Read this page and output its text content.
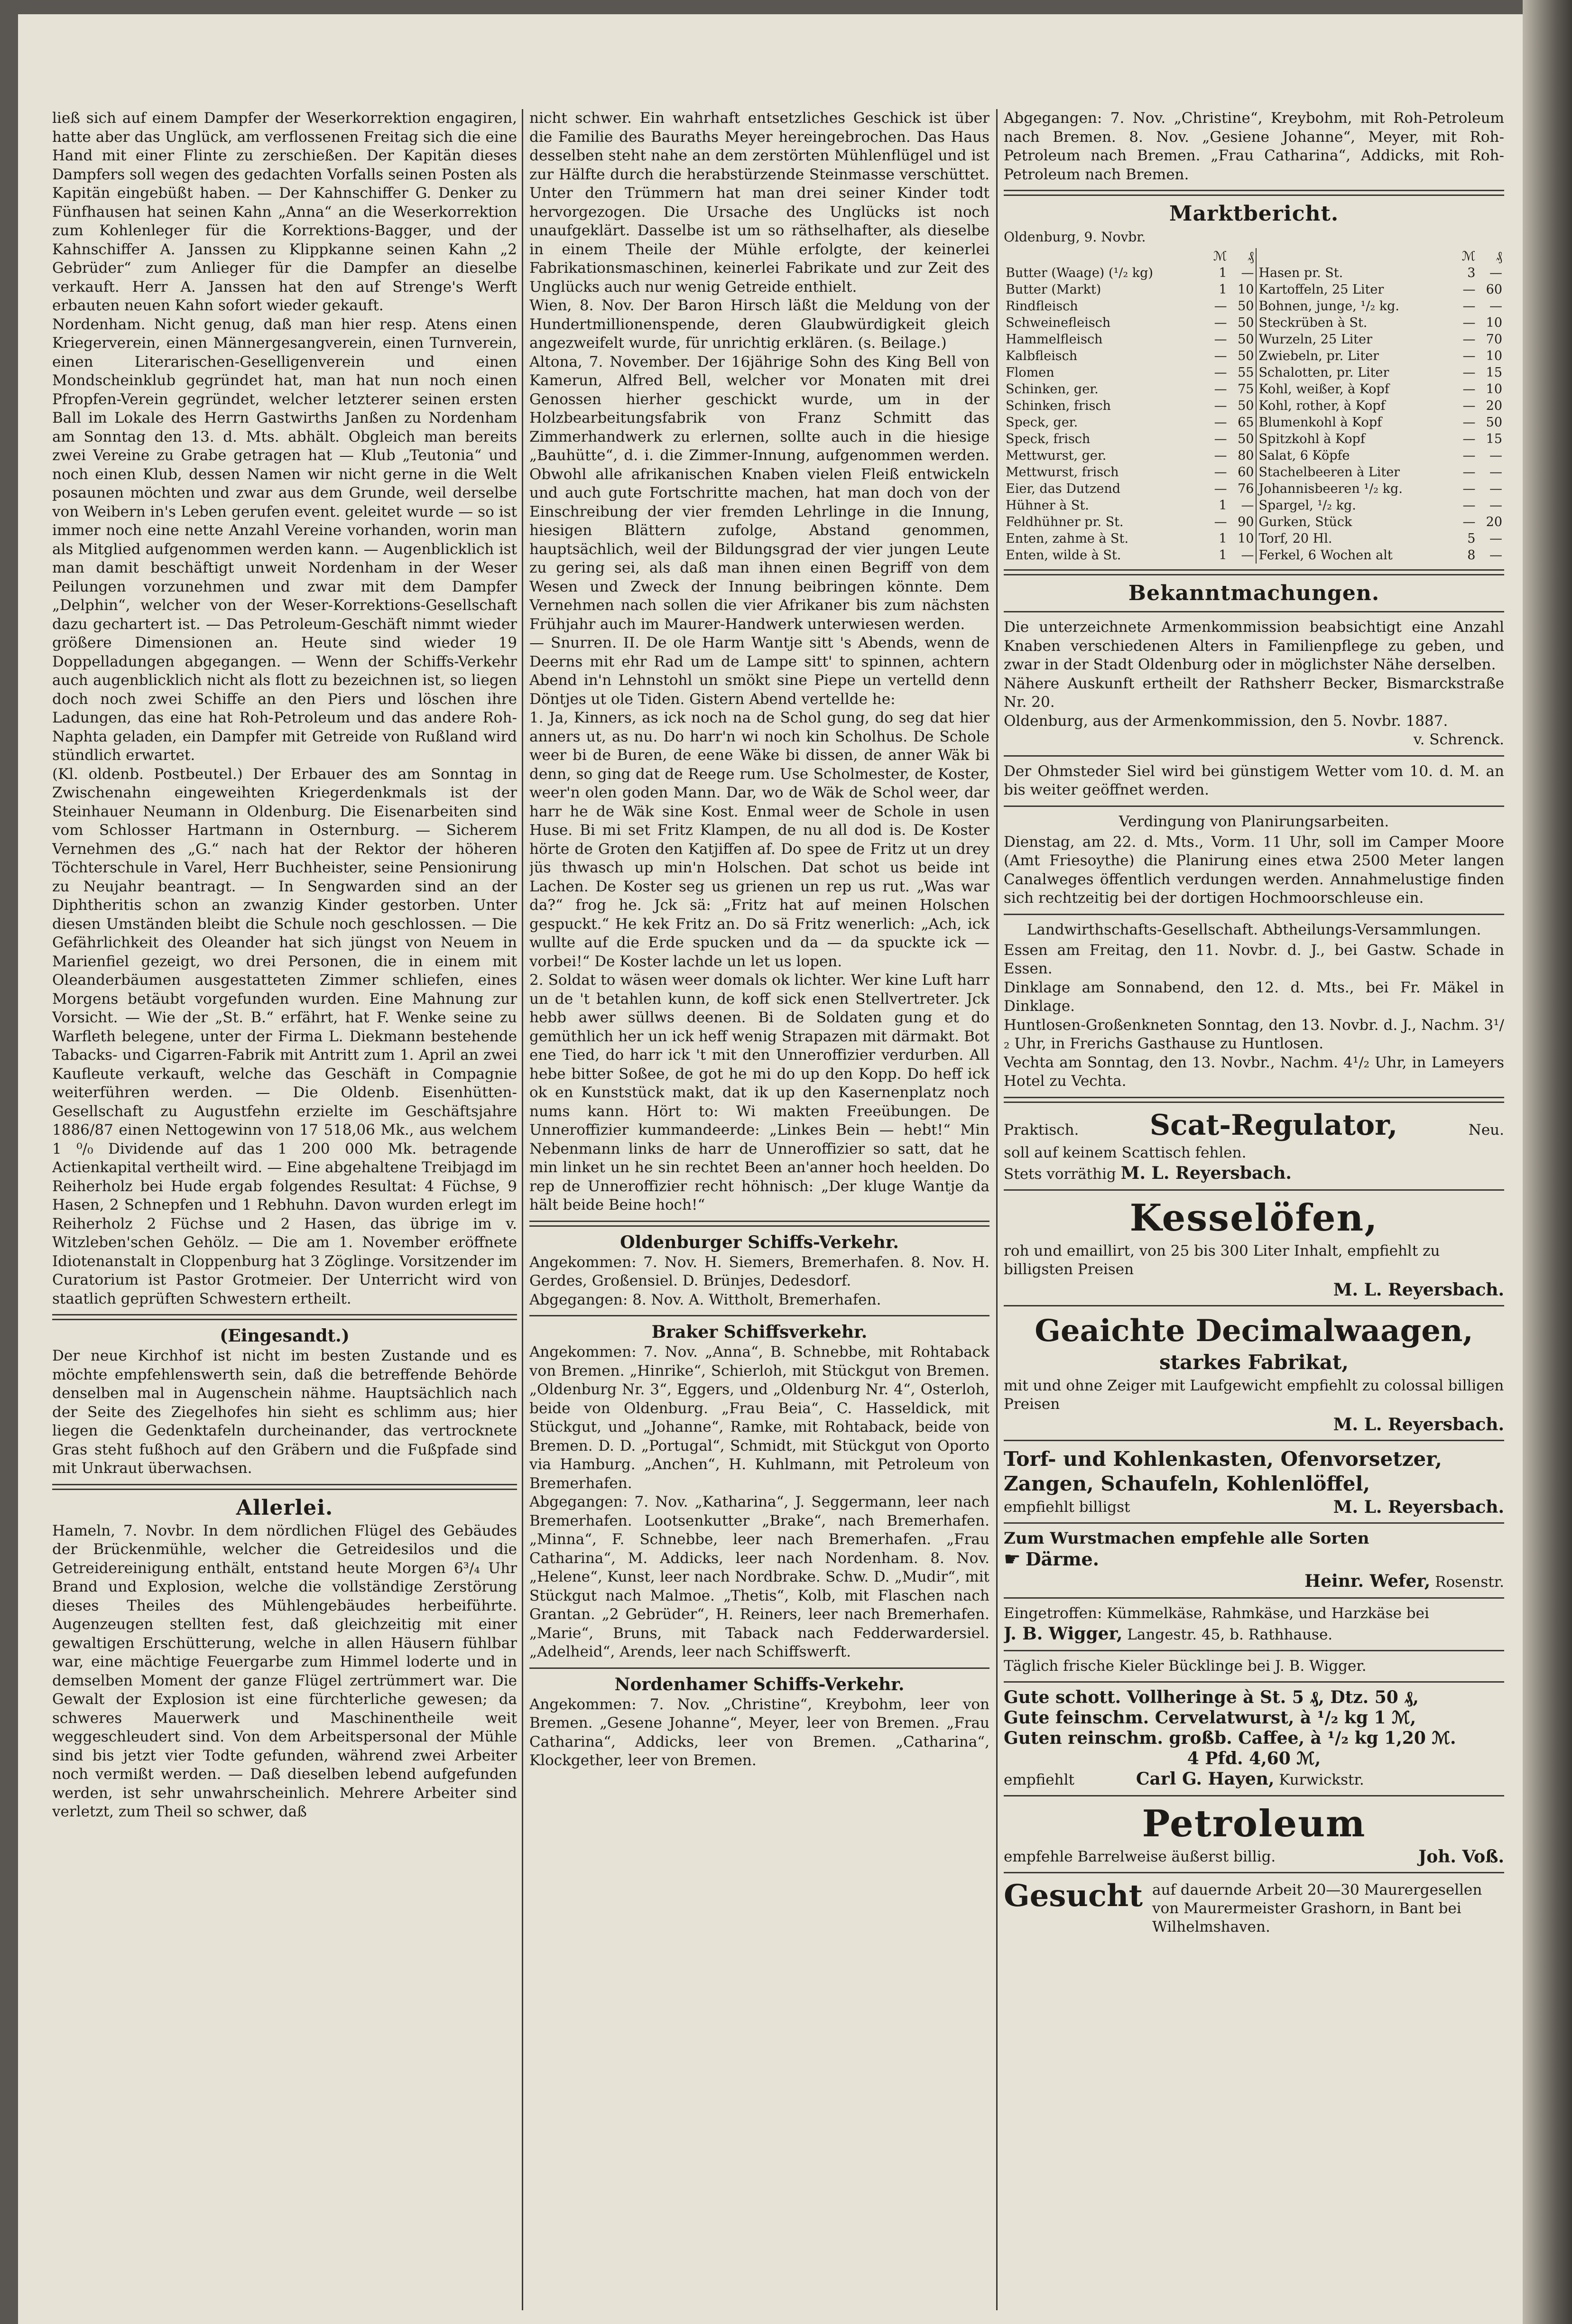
ließ sich auf einem Dampfer der Weserkorrektion engagiren, hatte aber das Unglück, am verflossenen Freitag sich die eine Hand mit einer Flinte zu zerschießen. Der Kapitän dieses Dampfers soll wegen des gedachten Vorfalls seinen Posten als Kapitän eingebüßt haben. — Der Kahnschiffer G. Denker zu Fünfhausen hat seinen Kahn „Anna“ an die Weserkorrektion zum Kohlenleger für die Korrektions-Bagger, und der Kahnschiffer A. Janssen zu Klippkanne seinen Kahn „2 Gebrüder“ zum Anlieger für die Dampfer an dieselbe verkauft. Herr A. Janssen hat den auf Strenge's Werft erbauten neuen Kahn sofort wieder gekauft.

Nordenham. Nicht genug, daß man hier resp. Atens einen Kriegerverein, einen Männergesangverein, einen Turnverein, einen Literarischen-Geselligenverein und einen Mondscheinklub gegründet hat, man hat nun noch einen Pfropfen-Verein gegründet, welcher letzterer seinen ersten Ball im Lokale des Herrn Gastwirths Janßen zu Nordenham am Sonntag den 13. d. Mts. abhält. Obgleich man bereits zwei Vereine zu Grabe getragen hat — Klub „Teutonia“ und noch einen Klub, dessen Namen wir nicht gerne in die Welt posaunen möchten und zwar aus dem Grunde, weil derselbe von Weibern in's Leben gerufen event. geleitet wurde — so ist immer noch eine nette Anzahl Vereine vorhanden, worin man als Mitglied aufgenommen werden kann. — Augenblicklich ist man damit beschäftigt unweit Nordenham in der Weser Peilungen vorzunehmen und zwar mit dem Dampfer „Delphin“, welcher von der Weser-Korrektions-Gesellschaft dazu gechartert ist. — Das Petroleum-Geschäft nimmt wieder größere Dimensionen an. Heute sind wieder 19 Doppelladungen abgegangen. — Wenn der Schiffs-Verkehr auch augenblicklich nicht als flott zu bezeichnen ist, so liegen doch noch zwei Schiffe an den Piers und löschen ihre Ladungen, das eine hat Roh-Petroleum und das andere Roh-Naphta geladen, ein Dampfer mit Getreide von Rußland wird stündlich erwartet.

(Kl. oldenb. Postbeutel.) Der Erbauer des am Sonntag in Zwischenahn eingeweihten Kriegerdenkmals ist der Steinhauer Neumann in Oldenburg. Die Eisenarbeiten sind vom Schlosser Hartmann in Osternburg. — Sicherem Vernehmen des „G.“ nach hat der Rektor der höheren Töchterschule in Varel, Herr Buchheister, seine Pensionirung zu Neujahr beantragt. — In Sengwarden sind an der Diphtheritis schon an zwanzig Kinder gestorben. Unter diesen Umständen bleibt die Schule noch geschlossen. — Die Gefährlichkeit des Oleander hat sich jüngst von Neuem in Marienfiel gezeigt, wo drei Personen, die in einem mit Oleanderbäumen ausgestatteten Zimmer schliefen, eines Morgens betäubt vorgefunden wurden. Eine Mahnung zur Vorsicht. — Wie der „St. B.“ erfährt, hat F. Wenke seine zu Warfleth belegene, unter der Firma L. Diekmann bestehende Tabacks- und Cigarren-Fabrik mit Antritt zum 1. April an zwei Kaufleute verkauft, welche das Geschäft in Compagnie weiterführen werden. — Die Oldenb. Eisenhütten-Gesellschaft zu Augustfehn erzielte im Geschäftsjahre 1886/87 einen Nettogewinn von 17 518,06 Mk., aus welchem 1 ⁰/₀ Dividende auf das 1 200 000 Mk. betragende Actienkapital vertheilt wird. — Eine abgehaltene Treibjagd im Reiherholz bei Hude ergab folgendes Resultat: 4 Füchse, 9 Hasen, 2 Schnepfen und 1 Rebhuhn. Davon wurden erlegt im Reiherholz 2 Füchse und 2 Hasen, das übrige im v. Witzleben'schen Gehölz. — Die am 1. November eröffnete Idiotenanstalt in Cloppenburg hat 3 Zöglinge. Vorsitzender im Curatorium ist Pastor Grotmeier. Der Unterricht wird von staatlich geprüften Schwestern ertheilt.

(Eingesandt.)

Der neue Kirchhof ist nicht im besten Zustande und es möchte empfehlenswerth sein, daß die betreffende Behörde denselben mal in Augenschein nähme. Hauptsächlich nach der Seite des Ziegelhofes hin sieht es schlimm aus; hier liegen die Gedenktafeln durcheinander, das vertrocknete Gras steht fußhoch auf den Gräbern und die Fußpfade sind mit Unkraut überwachsen.

Allerlei.

Hameln, 7. Novbr. In dem nördlichen Flügel des Gebäudes der Brückenmühle, welcher die Getreidesilos und die Getreidereinigung enthält, entstand heute Morgen 6³/₄ Uhr Brand und Explosion, welche die vollständige Zerstörung dieses Theiles des Mühlengebäudes herbeiführte. Augenzeugen stellten fest, daß gleichzeitig mit einer gewaltigen Erschütterung, welche in allen Häusern fühlbar war, eine mächtige Feuergarbe zum Himmel loderte und in demselben Moment der ganze Flügel zertrümmert war. Die Gewalt der Explosion ist eine fürchterliche gewesen; da schweres Mauerwerk und Maschinentheile weit weggeschleudert sind. Von dem Arbeitspersonal der Mühle sind bis jetzt vier Todte gefunden, während zwei Arbeiter noch vermißt werden. — Daß dieselben lebend aufgefunden werden, ist sehr unwahrscheinlich. Mehrere Arbeiter sind verletzt, zum Theil so schwer, daß

nicht schwer. Ein wahrhaft entsetzliches Geschick ist über die Familie des Bauraths Meyer hereingebrochen. Das Haus desselben steht nahe an dem zerstörten Mühlenflügel und ist zur Hälfte durch die herabstürzende Steinmasse verschüttet. Unter den Trümmern hat man drei seiner Kinder todt hervorgezogen. Die Ursache des Unglücks ist noch unaufgeklärt. Dasselbe ist um so räthselhafter, als dieselbe in einem Theile der Mühle erfolgte, der keinerlei Fabrikationsmaschinen, keinerlei Fabrikate und zur Zeit des Unglücks auch nur wenig Getreide enthielt.

Wien, 8. Nov. Der Baron Hirsch läßt die Meldung von der Hundertmillionenspende, deren Glaubwürdigkeit gleich angezweifelt wurde, für unrichtig erklären. (s. Beilage.)

Altona, 7. November. Der 16jährige Sohn des King Bell von Kamerun, Alfred Bell, welcher vor Monaten mit drei Genossen hierher geschickt wurde, um in der Holzbearbeitungsfabrik von Franz Schmitt das Zimmerhandwerk zu erlernen, sollte auch in die hiesige „Bauhütte“, d. i. die Zimmer-Innung, aufgenommen werden. Obwohl alle afrikanischen Knaben vielen Fleiß entwickeln und auch gute Fortschritte machen, hat man doch von der Einschreibung der vier fremden Lehrlinge in die Innung, hiesigen Blättern zufolge, Abstand genommen, hauptsächlich, weil der Bildungsgrad der vier jungen Leute zu gering sei, als daß man ihnen einen Begriff von dem Wesen und Zweck der Innung beibringen könnte. Dem Vernehmen nach sollen die vier Afrikaner bis zum nächsten Frühjahr auch im Maurer-Handwerk unterwiesen werden.

— Snurren. II. De ole Harm Wantje sitt 's Abends, wenn de Deerns mit ehr Rad um de Lampe sitt' to spinnen, achtern Abend in'n Lehnstohl un smökt sine Piepe un vertelld denn Döntjes ut ole Tiden. Gistern Abend vertellde he:

1. Ja, Kinners, as ick noch na de Schol gung, do seg dat hier anners ut, as nu. Do harr'n wi noch kin Scholhus. De Schole weer bi de Buren, de eene Wäke bi dissen, de anner Wäk bi denn, so ging dat de Reege rum. Use Scholmester, de Koster, weer'n olen goden Mann. Dar, wo de Wäk de Schol weer, dar harr he de Wäk sine Kost. Enmal weer de Schole in usen Huse. Bi mi set Fritz Klampen, de nu all dod is. De Koster hörte de Groten den Katjiffen af. Do spee de Fritz ut un drey jüs thwasch up min'n Holschen. Dat schot us beide int Lachen. De Koster seg us grienen un rep us rut. „Was war da?“ frog he. Jck sä: „Fritz hat auf meinen Holschen gespuckt.“ He kek Fritz an. Do sä Fritz wenerlich: „Ach, ick wullte auf die Erde spucken und da — da spuckte ick — vorbei!“ De Koster lachde un let us lopen.

2. Soldat to wäsen weer domals ok lichter. Wer kine Luft harr un de 't betahlen kunn, de koff sick enen Stellvertreter. Jck hebb awer süllws deenen. Bi de Soldaten gung et do gemüthlich her un ick heff wenig Strapazen mit därmakt. Bot ene Tied, do harr ick 't mit den Unneroffizier verdurben. All hebe bitter Soßee, de got he mi do up den Kopp. Do heff ick ok en Kunststück makt, dat ik up den Kasernenplatz noch nums kann. Hört to: Wi makten Freeübungen. De Unneroffizier kummandeerde: „Linkes Bein — hebt!“ Min Nebenmann links de harr de Unneroffizier so satt, dat he min linket un he sin rechtet Been an'anner hoch heelden. Do rep de Unneroffizier recht höhnisch: „Der kluge Wantje da hält beide Beine hoch!“

Oldenburger Schiffs-Verkehr.

Angekommen: 7. Nov. H. Siemers, Bremerhafen. 8. Nov. H. Gerdes, Großensiel. D. Brünjes, Dedesdorf.

Abgegangen: 8. Nov. A. Wittholt, Bremerhafen.

Braker Schiffsverkehr.

Angekommen: 7. Nov. „Anna“, B. Schnebbe, mit Rohtaback von Bremen. „Hinrike“, Schierloh, mit Stückgut von Bremen. „Oldenburg Nr. 3“, Eggers, und „Oldenburg Nr. 4“, Osterloh, beide von Oldenburg. „Frau Beia“, C. Hasseldick, mit Stückgut, und „Johanne“, Ramke, mit Rohtaback, beide von Bremen. D. D. „Portugal“, Schmidt, mit Stückgut von Oporto via Hamburg. „Anchen“, H. Kuhlmann, mit Petroleum von Bremerhafen.

Abgegangen: 7. Nov. „Katharina“, J. Seggermann, leer nach Bremerhafen. Lootsenkutter „Brake“, nach Bremerhafen. „Minna“, F. Schnebbe, leer nach Bremerhafen. „Frau Catharina“, M. Addicks, leer nach Nordenham. 8. Nov. „Helene“, Kunst, leer nach Nordbrake. Schw. D. „Mudir“, mit Stückgut nach Malmoe. „Thetis“, Kolb, mit Flaschen nach Grantan. „2 Gebrüder“, H. Reiners, leer nach Bremerhafen. „Marie“, Bruns, mit Taback nach Fedderwardersiel. „Adelheid“, Arends, leer nach Schiffswerft.

Nordenhamer Schiffs-Verkehr.

Angekommen: 7. Nov. „Christine“, Kreybohm, leer von Bremen. „Gesene Johanne“, Meyer, leer von Bremen. „Frau Catharina“, Addicks, leer von Bremen. „Catharina“, Klockgether, leer von Bremen.

Abgegangen: 7. Nov. „Christine“, Kreybohm, mit Roh-Petroleum nach Bremen. 8. Nov. „Gesiene Johanne“, Meyer, mit Roh-Petroleum nach Bremen. „Frau Catharina“, Addicks, mit Roh-Petroleum nach Bremen.

Marktbericht.
Oldenburg, 9. Novbr.
	ℳ	₰		ℳ	₰
Butter (Waage) (¹/₂ kg)	1	—	Hasen pr. St.	3	—
Butter (Markt)	1	10	Kartoffeln, 25 Liter	—	60
Rindfleisch	—	50	Bohnen, junge, ¹/₂ kg.	—	—
Schweinefleisch	—	50	Steckrüben à St.	—	10
Hammelfleisch	—	50	Wurzeln, 25 Liter	—	70
Kalbfleisch	—	50	Zwiebeln, pr. Liter	—	10
Flomen	—	55	Schalotten, pr. Liter	—	15
Schinken, ger.	—	75	Kohl, weißer, à Kopf	—	10
Schinken, frisch	—	50	Kohl, rother, à Kopf	—	20
Speck, ger.	—	65	Blumenkohl à Kopf	—	50
Speck, frisch	—	50	Spitzkohl à Kopf	—	15
Mettwurst, ger.	—	80	Salat, 6 Köpfe	—	—
Mettwurst, frisch	—	60	Stachelbeeren à Liter	—	—
Eier, das Dutzend	—	76	Johannisbeeren ¹/₂ kg.	—	—
Hühner à St.	1	—	Spargel, ¹/₂ kg.	—	—
Feldhühner pr. St.	—	90	Gurken, Stück	—	20
Enten, zahme à St.	1	10	Torf, 20 Hl.	5	—
Enten, wilde à St.	1	—	Ferkel, 6 Wochen alt	8	—
Bekanntmachungen.

Die unterzeichnete Armenkommission beabsichtigt eine Anzahl Knaben verschiedenen Alters in Familienpflege zu geben, und zwar in der Stadt Oldenburg oder in möglichster Nähe derselben.

Nähere Auskunft ertheilt der Rathsherr Becker, Bismarckstraße Nr. 20.

Oldenburg, aus der Armenkommission, den 5. Novbr. 1887.

v. Schrenck.

Der Ohmsteder Siel wird bei günstigem Wetter vom 10. d. M. an bis weiter geöffnet werden.

Verdingung von Planirungsarbeiten.

Dienstag, am 22. d. Mts., Vorm. 11 Uhr, soll im Camper Moore (Amt Friesoythe) die Planirung eines etwa 2500 Meter langen Canalweges öffentlich verdungen werden. Annahmelustige finden sich rechtzeitig bei der dortigen Hochmoorschleuse ein.

Landwirthschafts-Gesellschaft. Abtheilungs-Versammlungen.

Essen am Freitag, den 11. Novbr. d. J., bei Gastw. Schade in Essen.

Dinklage am Sonnabend, den 12. d. Mts., bei Fr. Mäkel in Dinklage.

Huntlosen-Großenkneten Sonntag, den 13. Novbr. d. J., Nachm. 3¹/₂ Uhr, in Frerichs Gasthause zu Huntlosen.

Vechta am Sonntag, den 13. Novbr., Nachm. 4¹/₂ Uhr, in Lameyers Hotel zu Vechta.

Praktisch. Scat-Regulator,	Neu.
soll auf keinem Scattisch fehlen.
Stets vorräthig M. L. Reyersbach.
Kesselöfen,
roh und emaillirt, von 25 bis 300 Liter Inhalt, empfiehlt zu billigsten Preisen
M. L. Reyersbach.
Geaichte Decimalwaagen,
starkes Fabrikat,
mit und ohne Zeiger mit Laufgewicht empfiehlt zu colossal billigen Preisen
M. L. Reyersbach.
Torf- und Kohlenkasten, Ofenvorsetzer, Zangen, Schaufeln, Kohlenlöffel,
empfiehlt billigst	M. L. Reyersbach.
Zum Wurstmachen empfehle alle Sorten
☛ Därme.
Heinr. Wefer, Rosenstr.
Eingetroffen: Kümmelkäse, Rahmkäse, und Harzkäse bei
J. B. Wigger, Langestr. 45, b. Rathhause.
Täglich frische Kieler Bücklinge bei J. B. Wigger.
Gute schott. Vollheringe à St. 5 ₰, Dtz. 50 ₰,
Gute feinschm. Cervelatwurst, à ¹/₂ kg 1 ℳ,
Guten reinschm. großb. Caffee, à ¹/₂ kg 1,20 ℳ.
4 Pfd. 4,60 ℳ,
empfiehlt	Carl G. Hayen, Kurwickstr.
Petroleum
empfehle Barrelweise äußerst billig.	Joh. Voß.
Gesucht auf dauernde Arbeit 20—30 Maurergesellen von Maurermeister Grashorn, in Bant bei Wilhelmshaven.
